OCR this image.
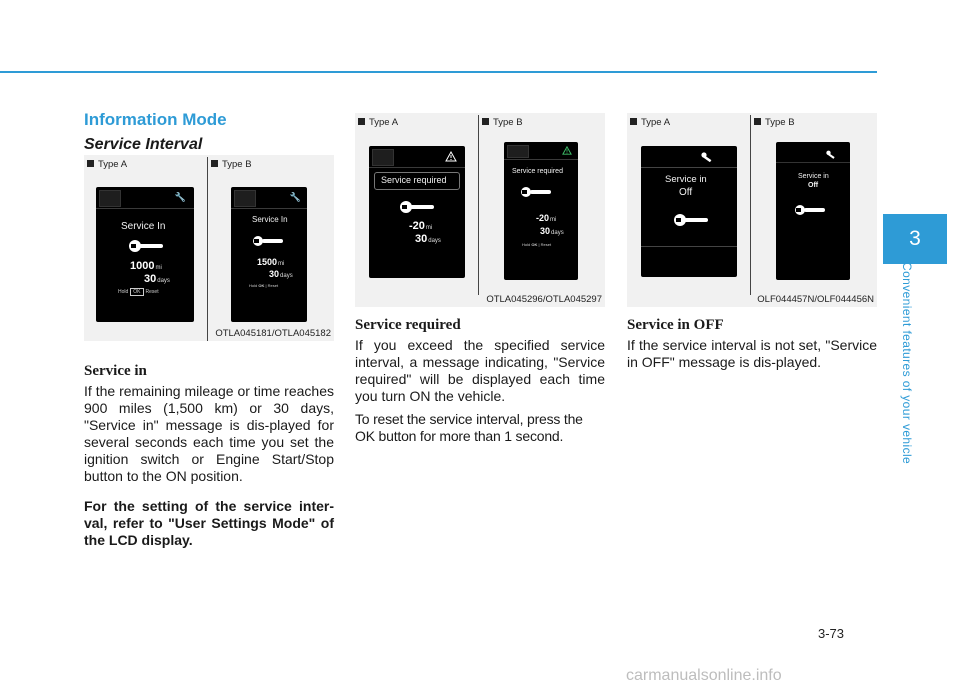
Information Mode
Service Interval
Type A	Type B
🔧
Service In
1000mi
30days
Hold OK Reset
🔧
Service In
1500mi
30days
Hold OK | Reset
OTLA045181/OTLA045182
Type A	Type B
Service required
-20mi
30days
Service required
-20mi
30days
Hold OK | Reset
OTLA045296/OTLA045297
Type A	Type B
Service in
Off
Service in
Off
OLF044457N/OLF044456N
Service in
If the remaining mileage or time reaches 900 miles (1,500 km) or 30 days, "Service in" message is dis-played for several seconds each time you set the ignition switch or Engine Start/Stop button to the ON position.
For the setting of the service inter-val, refer to "User Settings Mode" of the LCD display.
Service required
If you exceed the specified service interval, a message indicating, "Service required" will be displayed each time you turn ON the vehicle.
To reset the service interval, press the OK button for more than 1 second.
Service in OFF
If the service interval is not set, "Service in OFF" message is dis-played.
3
Convenient features of your vehicle
3-73
carmanualsonline.info
